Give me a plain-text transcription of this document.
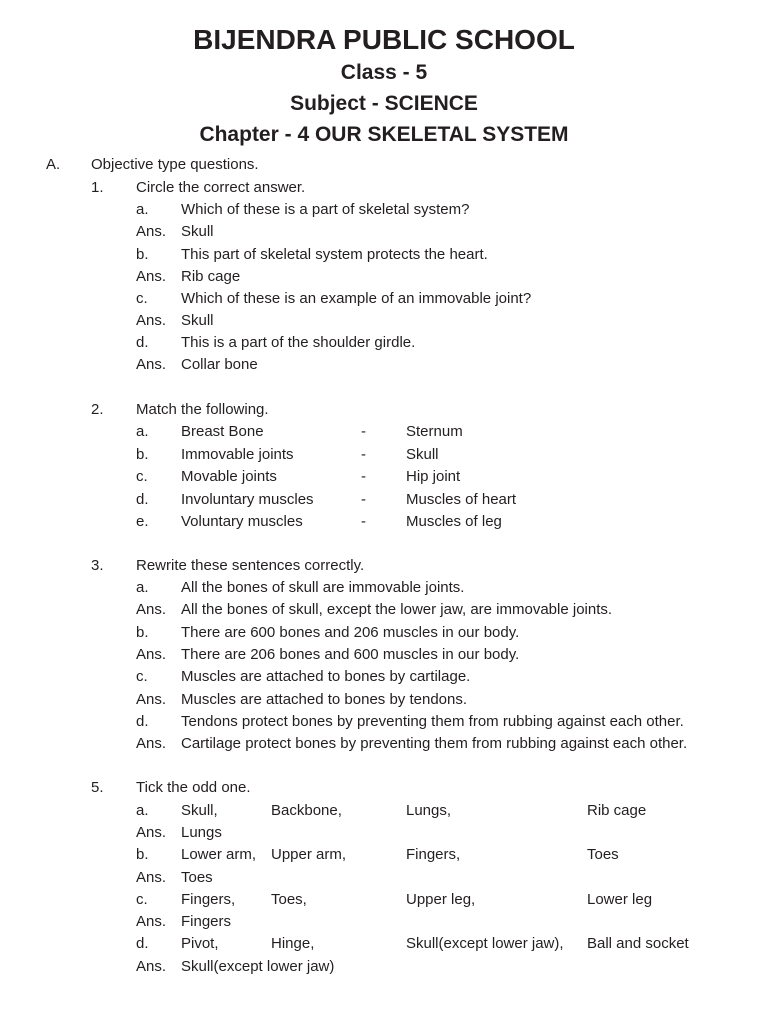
BIJENDRA PUBLIC SCHOOL
Class - 5
Subject - SCIENCE
Chapter - 4 OUR SKELETAL SYSTEM
A. Objective type questions.
1. Circle the correct answer.
a. Which of these is a part of skeletal system?
Ans. Skull
b. This part of skeletal system protects the heart.
Ans. Rib cage
c. Which of these is an example of an immovable joint?
Ans. Skull
d. This is a part of the shoulder girdle.
Ans. Collar bone
2. Match the following.
a. Breast Bone	-	Sternum
b. Immovable joints	-	Skull
c. Movable joints	-	Hip joint
d. Involuntary muscles	-	Muscles of heart
e. Voluntary muscles	-	Muscles of leg
3. Rewrite these sentences correctly.
a. All the bones of skull are immovable joints.
Ans. All the bones of skull, except the lower jaw, are immovable joints.
b. There are 600 bones and 206 muscles in our body.
Ans. There are 206 bones and 600 muscles in our body.
c. Muscles are attached to bones by cartilage.
Ans. Muscles are attached to bones by tendons.
d. Tendons protect bones by preventing them from rubbing against each other.
Ans. Cartilage protect bones by preventing them from rubbing against each other.
5. Tick the odd one.
a. Skull,	Backbone,	Lungs,	Rib cage
Ans. Lungs
b. Lower arm, Upper arm,	Fingers,	Toes
Ans. Toes
c. Fingers, Toes,	Upper leg,	Lower leg
Ans. Fingers
d. Pivot,	Hinge,	Skull(except lower jaw), Ball and socket
Ans. Skull(except lower jaw)
